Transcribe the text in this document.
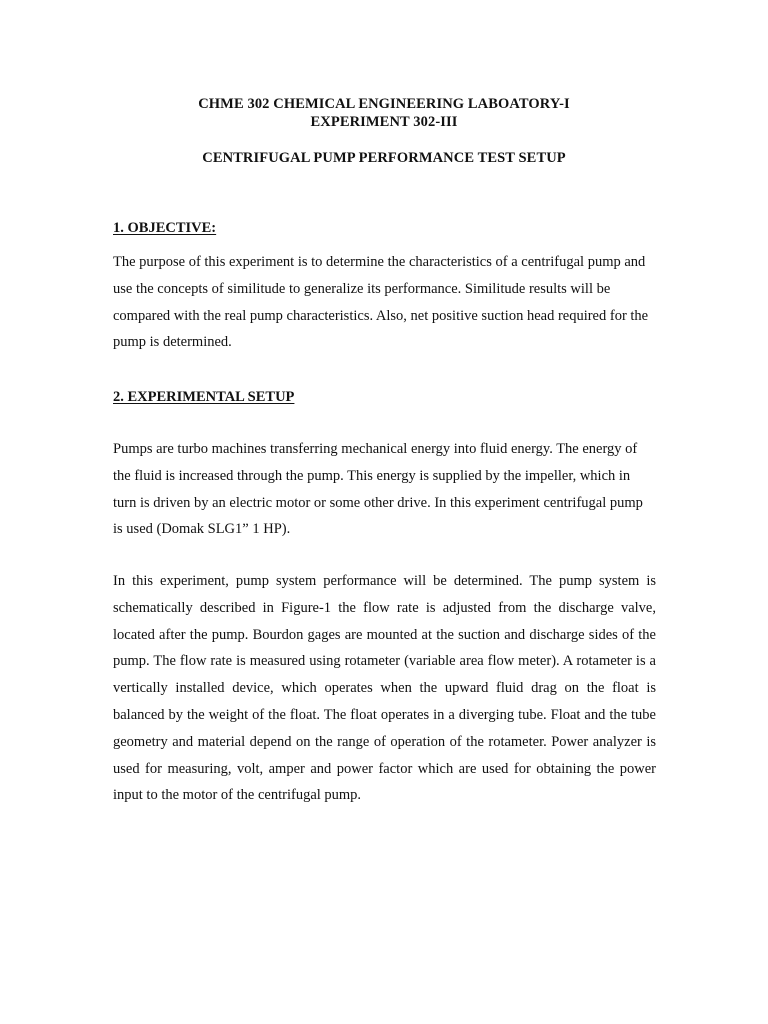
CHME 302 CHEMICAL ENGINEERING LABOATORY-I
EXPERIMENT 302-III
CENTRIFUGAL PUMP PERFORMANCE TEST SETUP
1. OBJECTIVE:

The purpose of this experiment is to determine the characteristics of a centrifugal pump and use the concepts of similitude to generalize its performance. Similitude results will be compared with the real pump characteristics. Also, net positive suction head required for the pump is determined.

2. EXPERIMENTAL SETUP

Pumps are turbo machines transferring mechanical energy into fluid energy. The energy of the fluid is increased through the pump. This energy is supplied by the impeller, which in turn is driven by an electric motor or some other drive. In this experiment centrifugal pump is used (Domak SLG1” 1 HP).

In this experiment, pump system performance will be determined. The pump system is schematically described in Figure-1 the flow rate is adjusted from the discharge valve, located after the pump. Bourdon gages are mounted at the suction and discharge sides of the pump. The flow rate is measured using rotameter (variable area flow meter). A rotameter is a vertically installed device, which operates when the upward fluid drag on the float is balanced by the weight of the float. The float operates in a diverging tube. Float and the tube geometry and material depend on the range of operation of the rotameter. Power analyzer is used for measuring, volt, amper and power factor which are used for obtaining the power input to the motor of the centrifugal pump.
